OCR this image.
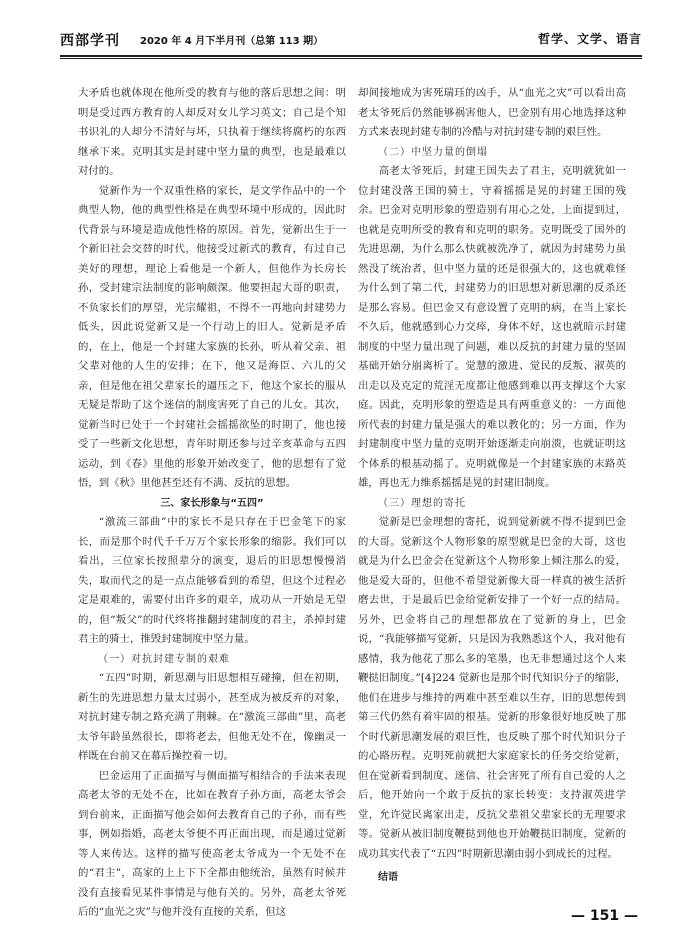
西部学刊 2020 年 4 月下半月刊（总第 113 期）	哲学、文学、语言

大矛盾也就体现在他所受的教育与他的落后思想之间：明明是受过西方教育的人却反对女儿学习英文；自己是个知书识礼的人却分不清好与坏，只执着于继续将腐朽的东西继承下来。克明其实是封建中坚力量的典型，也是最难以对付的。

觉新作为一个双重性格的家长，是文学作品中的一个典型人物，他的典型性格是在典型环境中形成的，因此时代背景与环境是造成他性格的原因。首先，觉新出生于一个新旧社会交替的时代，他接受过新式的教育，有过自己美好的理想，理论上看他是一个新人，但他作为长房长孙，受封建宗法制度的影响颇深。他要担起大哥的职责，不负家长们的厚望，光宗耀祖，不得不一再地向封建势力低头，因此说觉新又是一个行动上的旧人。觉新是矛盾的，在上，他是一个封建大家族的长孙，听从着父亲、祖父辈对他的人生的安排；在下，他又是海臣、六儿的父亲，但是他在祖父辈家长的逼压之下，他这个家长的服从无疑是帮助了这个迷信的制度害死了自己的儿女。其次，觉新当时已处于一个封建社会摇摇欲坠的时期了，他也接受了一些新文化思想，青年时期还参与过辛亥革命与五四运动，到《春》里他的形象开始改变了，他的思想有了觉悟，到《秋》里他甚至还有不满、反抗的思想。

三、家长形象与“五四”

“激流三部曲”中的家长不是只存在于巴金笔下的家长，而是那个时代千千万万个家长形象的缩影。我们可以看出，三位家长按照辈分的演变，退后的旧思想慢慢消失，取而代之的是一点点能够看到的希望，但这个过程必定是艰难的，需要付出许多的艰辛，成功从一开始是无望的，但“叛父”的时代终将推翻封建制度的君主，杀掉封建君主的骑士，推毁封建制度中坚力量。

（一）对抗封建专制的艰难

“五四”时期，新思潮与旧思想相互碰撞，但在初期，新生的先进思想力量太过弱小，甚至成为被反弃的对象，对抗封建专制之路充满了荆棘。在“激流三部曲”里，高老太爷年龄虽然很长，即将老去，但他无处不在，像幽灵一样既在台前又在幕后操控着一切。

巴金运用了正面描写与侧面描写相结合的手法来表现高老太爷的无处不在，比如在教育子孙方面，高老太爷会到台前来，正面描写他会如何去教育自己的子孙，而有些事，例如指婚，高老太爷便不再正面出现，而是通过觉新等人来传达。这样的描写使高老太爷成为一个无处不在的“君主”，高家的上上下下全都由他统治，虽然有时候并没有直接看见某件事情是与他有关的。另外，高老太爷死后的“血光之灾”与他并没有直接的关系，但这

却间接地成为害死瑞珏的凶手，从“血光之灾”可以看出高老太爷死后仍然能够祸害他人，巴金别有用心地选择这种方式来表现封建专制的冷酷与对抗封建专制的艰巨性。

（二）中坚力量的倒塌

高老太爷死后，封建王国失去了君主，克明就犹如一位封建没落王国的骑士，守着摇摇是晃的封建王国的残余。巴金对克明形象的塑造别有用心之处，上面提到过，也就是克明所受的教育和克明的职务。克明既受了国外的先进思潮，为什么那么快就被洗净了，就因为封建势力虽然没了统治者，但中坚力量的还是很强大的，这也就难怪为什么到了第二代，封建势力的旧思想对新思潮的反杀还是那么容易。但巴金又有意设置了克明的病，在当上家长不久后，他就感到心力交瘁，身体不好，这也就暗示封建制度的中坚力量出现了问题，难以反抗的封建力量的坚固基础开始分崩离析了。觉慧的激进、觉民的反叛、淑英的出走以及克定的荒淫无度都让他感到难以再支撑这个大家庭。因此，克明形象的塑造是具有两重意义的：一方面他所代表的封建力量是强大的难以教化的；另一方面，作为封建制度中坚力量的克明开始逐渐走向崩溃，也就证明这个体系的根基动摇了。克明就像是一个封建家族的末路英雄，再也无力维系摇摇是晃的封建旧制度。

（三）理想的寄托

觉新是巴金理想的寄托，说到觉新就不得不提到巴金的大哥。觉新这个人物形象的原型就是巴金的大哥，这也就是为什么巴金会在觉新这个人物形象上倾注那么的爱，他是爱大哥的，但他不希望觉新像大哥一样真的被生活折磨去世，于是最后巴金给觉新安排了一个好一点的结局。另外，巴金将自己的理想都放在了觉新的身上，巴金说，“我能够描写觉新，只是因为我熟悉这个人，我对他有感情，我为他花了那么多的笔墨，也无非想通过这个人来鞭挞旧制度。”[4]224 觉新也是那个时代知识分子的缩影，他们在进步与维持的两难中甚至难以生存，旧的思想传到第三代仍然有着牢固的根基。觉新的形象很好地反映了那个时代新思潮发展的艰巨性，也反映了那个时代知识分子的心路历程。克明死前就把大家庭家长的任务交给觉新，但在觉新看到制度、迷信、社会害死了所有自己爱的人之后，他开始向一个敢于反抗的家长转变：支持淑英进学堂，允许觉民离家出走，反抗父辈祖父辈家长的无理要求等。觉新从被旧制度鞭挞到他也开始鞭挞旧制度，觉新的成功其实代表了“五四”时期新思潮由弱小到成长的过程。

结语

— 151 —
